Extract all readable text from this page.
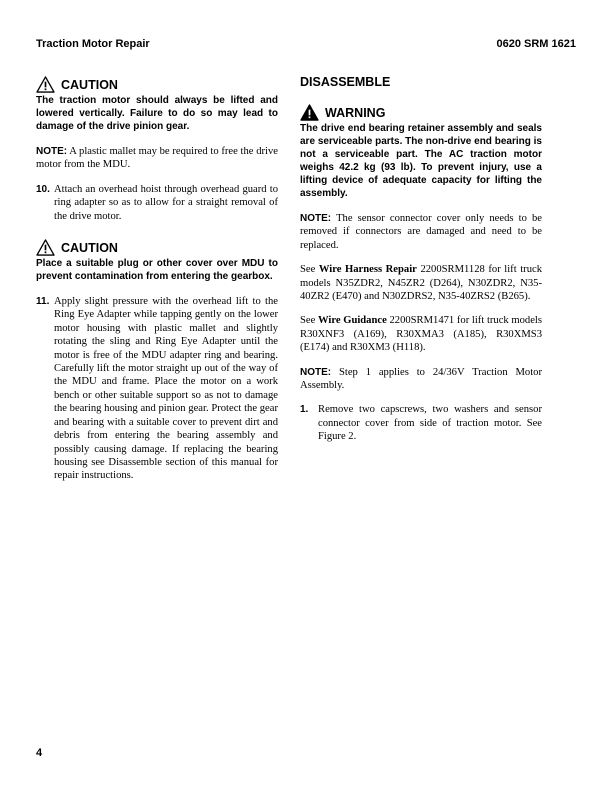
Traction Motor Repair	0620 SRM 1621
CAUTION

The traction motor should always be lifted and lowered vertically. Failure to do so may lead to damage of the drive pinion gear.

NOTE: A plastic mallet may be required to free the drive motor from the MDU.

10. Attach an overhead hoist through overhead guard to ring adapter so as to allow for a straight removal of the drive motor.
CAUTION

Place a suitable plug or other cover over MDU to prevent contamination from entering the gearbox.

11. Apply slight pressure with the overhead lift to the Ring Eye Adapter while tapping gently on the lower motor housing with plastic mallet and slightly rotating the sling and Ring Eye Adapter until the motor is free of the MDU adapter ring and bearing. Carefully lift the motor straight up out of the way of the MDU and frame. Place the motor on a work bench or other suitable support so as not to damage the bearing housing and pinion gear. Protect the gear and bearing with a suitable cover to prevent dirt and debris from entering the bearing assembly and possibly causing damage. If replacing the bearing housing see Disassemble section of this manual for repair instructions.
DISASSEMBLE
WARNING

The drive end bearing retainer assembly and seals are serviceable parts. The non-drive end bearing is not a serviceable part. The AC traction motor weighs 42.2 kg (93 lb). To prevent injury, use a lifting device of adequate capacity for lifting the assembly.

NOTE: The sensor connector cover only needs to be removed if connectors are damaged and need to be replaced.

See Wire Harness Repair 2200SRM1128 for lift truck models N35ZDR2, N45ZR2 (D264), N30ZDR2, N35-40ZR2 (E470) and N30ZDRS2, N35-40ZRS2 (B265).

See Wire Guidance 2200SRM1471 for lift truck models R30XNF3 (A169), R30XMA3 (A185), R30XMS3 (E174) and R30XM3 (H118).

NOTE: Step 1 applies to 24/36V Traction Motor Assembly.

1. Remove two capscrews, two washers and sensor connector cover from side of traction motor. See Figure 2.
4
